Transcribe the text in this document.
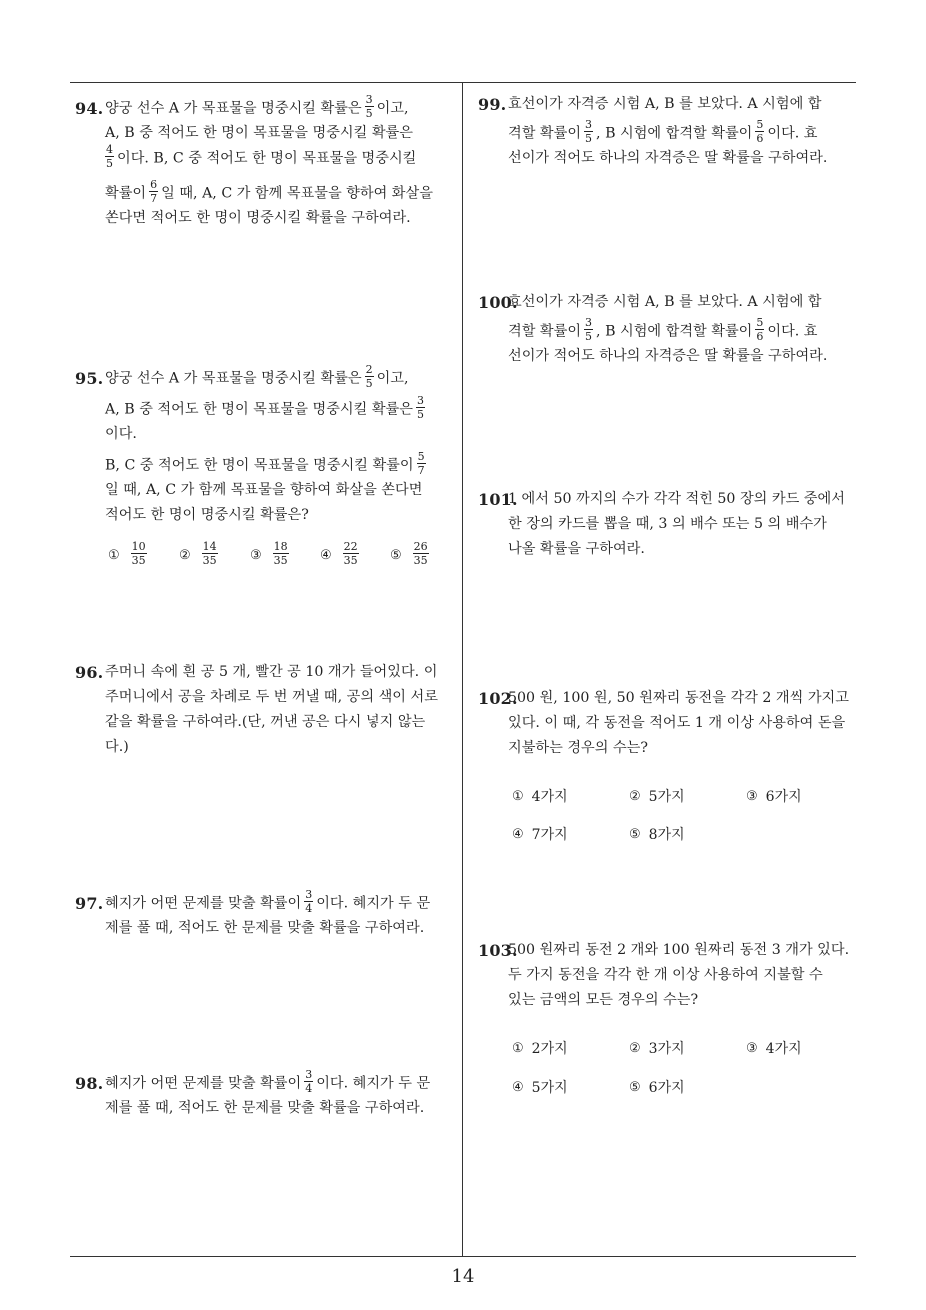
94. 양궁 선수 A 가 목표물을 명중시킬 확률은 $\frac{3}{5}$ 이고,
A, B 중 적어도 한 명이 목표물을 명중시킬 확률은
$\frac{4}{5}$ 이다. B, C 중 적어도 한 명이 목표물을 명중시킬
확률이 $\frac{6}{7}$ 일 때, A, C 가 함께 목표물을 향하여 화살을
쏜다면 적어도 한 명이 명중시킬 확률을 구하여라.
95. 양궁 선수 A 가 목표물을 명중시킬 확률은 $\frac{2}{5}$ 이고,
A, B 중 적어도 한 명이 목표물을 명중시킬 확률은 $\frac{3}{5}$
이다.
B, C 중 적어도 한 명이 목표물을 명중시킬 확률이 $\frac{5}{7}$
일 때, A, C 가 함께 목표물을 향하여 화살을 쏜다면
적어도 한 명이 명중시킬 확률은?
① $\frac{10}{35}$ ② $\frac{14}{35}$ ③ $\frac{18}{35}$ ④ $\frac{22}{35}$ ⑤ $\frac{26}{35}$
96. 주머니 속에 흰 공 5 개, 빨간 공 10 개가 들어있다. 이
주머니에서 공을 차례로 두 번 꺼낼 때, 공의 색이 서로
같을 확률을 구하여라.(단, 꺼낸 공은 다시 넣지 않는
다.)
97. 혜지가 어떤 문제를 맞출 확률이 $\frac{3}{4}$ 이다. 혜지가 두 문
제를 풀 때, 적어도 한 문제를 맞출 확률을 구하여라.
98. 혜지가 어떤 문제를 맞출 확률이 $\frac{3}{4}$ 이다. 혜지가 두 문
제를 풀 때, 적어도 한 문제를 맞출 확률을 구하여라.
99. 효선이가 자격증 시험 A, B 를 보았다. A 시험에 합
격할 확률이 $\frac{3}{5}$ , B 시험에 합격할 확률이 $\frac{5}{6}$ 이다. 효
선이가 적어도 하나의 자격증은 딸 확률을 구하여라.
100.
효선이가 자격증 시험 A, B 를 보았다. A 시험에 합
격할 확률이 $\frac{3}{5}$ , B 시험에 합격할 확률이 $\frac{5}{6}$ 이다. 효
선이가 적어도 하나의 자격증은 딸 확률을 구하여라.
101.
1 에서 50 까지의 수가 각각 적힌 50 장의 카드 중에서
한 장의 카드를 뽑을 때, 3 의 배수 또는 5 의 배수가
나올 확률을 구하여라.
102.
500 원, 100 원, 50 원짜리 동전을 각각 2 개씩 가지고
있다. 이 때, 각 동전을 적어도 1 개 이상 사용하여 돈을
지불하는 경우의 수는?
① 4가지	② 5가지	③ 6가지
④ 7가지	⑤ 8가지
103.
500 원짜리 동전 2 개와 100 원짜리 동전 3 개가 있다.
두 가지 동전을 각각 한 개 이상 사용하여 지불할 수
있는 금액의 모든 경우의 수는?
① 2가지	② 3가지	③ 4가지
④ 5가지	⑤ 6가지
14
